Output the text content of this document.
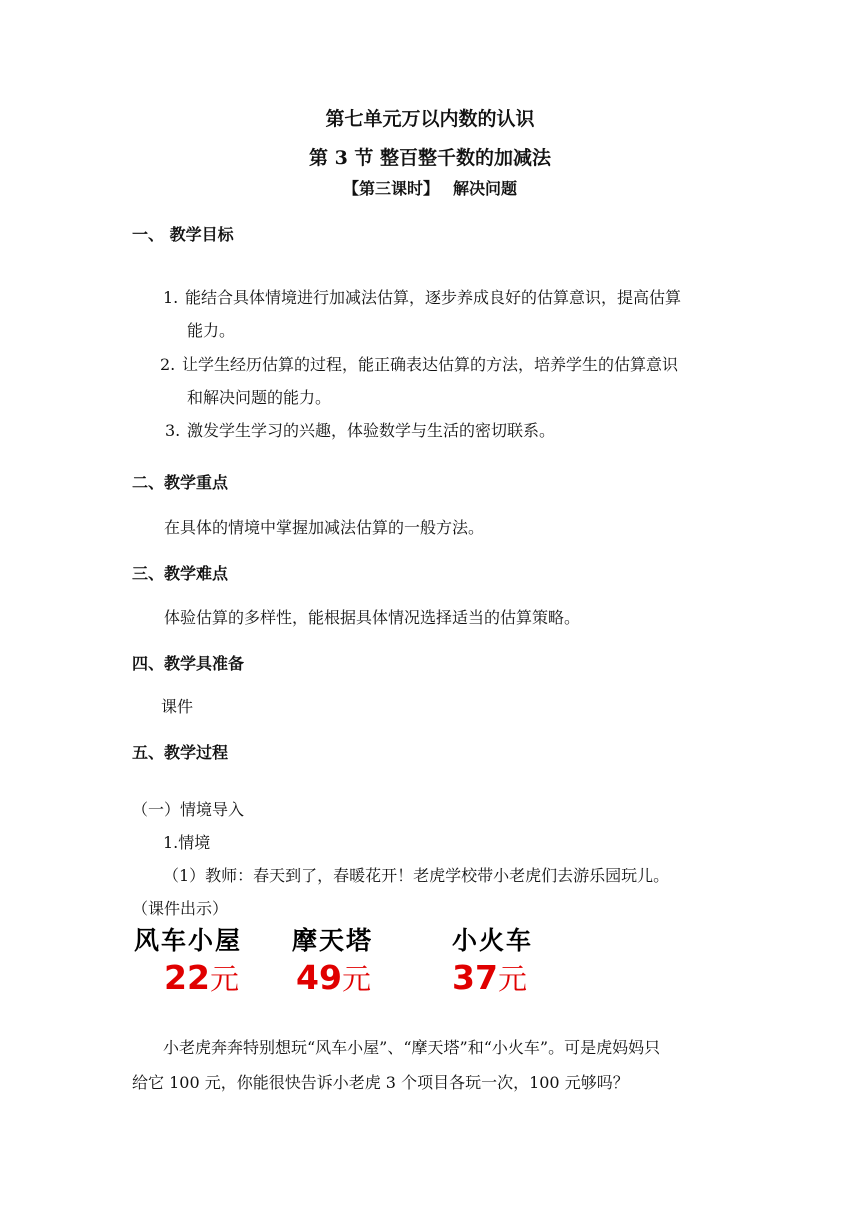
第七单元万以内数的认识
第 3 节 整百整千数的加减法
【第三课时】 解决问题
一、 教学目标
1. 能结合具体情境进行加减法估算，逐步养成良好的估算意识，提高估算
能力。
2. 让学生经历估算的过程，能正确表达估算的方法，培养学生的估算意识
和解决问题的能力。
3. 激发学生学习的兴趣，体验数学与生活的密切联系。
二、教学重点
在具体的情境中掌握加减法估算的一般方法。
三、教学难点
体验估算的多样性，能根据具体情况选择适当的估算策略。
四、教学具准备
课件
五、教学过程
（一）情境导入
1.情境
（1）教师：春天到了，春暖花开！老虎学校带小老虎们去游乐园玩儿。
（课件出示）
风车小屋
22元
摩天塔
49元
小火车
37元
小老虎奔奔特别想玩“风车小屋”、“摩天塔”和“小火车”。可是虎妈妈只
给它 100 元，你能很快告诉小老虎 3 个项目各玩一次，100 元够吗？
